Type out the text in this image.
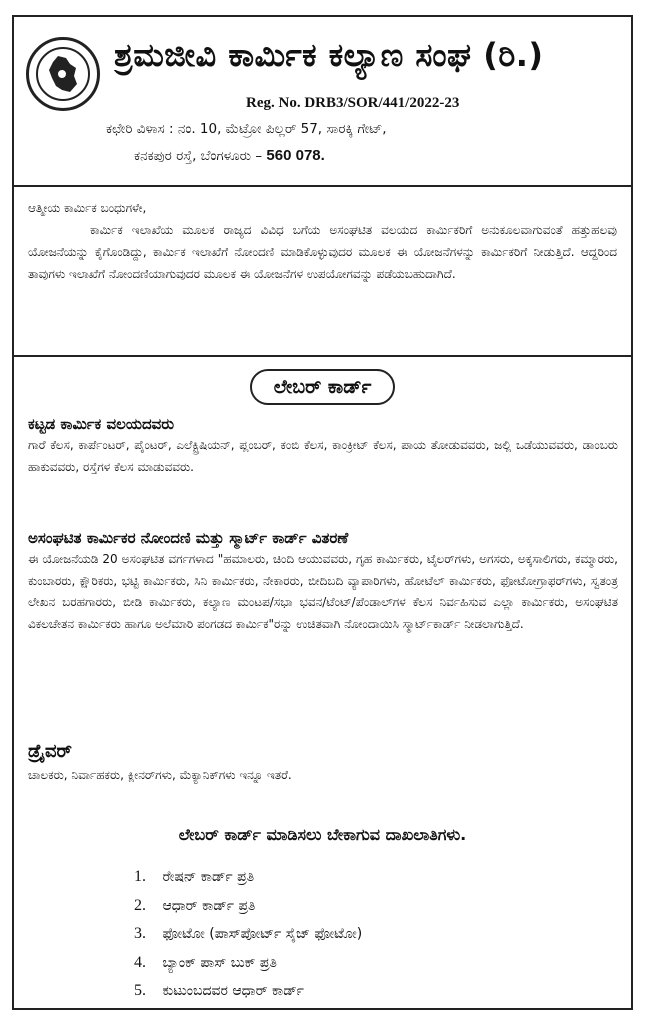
ಶ್ರಮಜೀವಿ ಕಾರ್ಮಿಕ ಕಲ್ಯಾಣ ಸಂಘ (ರಿ.)
Reg. No. DRB3/SOR/441/2022-23
ಕಛೇರಿ ವಿಳಾಸ : ನಂ. 10, ಮೆಟ್ರೋ ಪಿಲ್ಲರ್ 57, ಸಾರಕ್ಕಿ ಗೇಟ್,
ಕನಕಪುರ ರಸ್ತೆ, ಬೆಂಗಳೂರು – 560 078.
ಆತ್ಮೀಯ ಕಾರ್ಮಿಕ ಬಂಧುಗಳೇ,

ಕಾರ್ಮಿಕ ಇಲಾಖೆಯ ಮೂಲಕ ರಾಜ್ಯದ ವಿವಿಧ ಬಗೆಯ ಅಸಂಘಟಿತ ವಲಯದ ಕಾರ್ಮಿಕರಿಗೆ ಅನುಕೂಲವಾಗುವಂತೆ ಹತ್ತುಹಲವು ಯೋಜನೆಯನ್ನು ಕೈಗೊಂಡಿದ್ದು, ಕಾರ್ಮಿಕ ಇಲಾಖೆಗೆ ನೋಂದಣಿ ಮಾಡಿಕೊಳ್ಳುವುದರ ಮೂಲಕ ಈ ಯೋಜನೆಗಳನ್ನು ಕಾರ್ಮಿಕರಿಗೆ ನೀಡುತ್ತಿದೆ. ಆದ್ದರಿಂದ ತಾವುಗಳು ಇಲಾಖೆಗೆ ನೋಂದಣಿಯಾಗುವುದರ ಮೂಲಕ ಈ ಯೋಜನೆಗಳ ಉಪಯೋಗವನ್ನು ಪಡೆಯಬಹುದಾಗಿದೆ.

ಲೇಬರ್ ಕಾರ್ಡ್
ಕಟ್ಟಡ ಕಾರ್ಮಿಕ ವಲಯದವರು

ಗಾರೆ ಕೆಲಸ, ಕಾರ್ಪೆಂಟರ್, ಪೈಂಟರ್, ಎಲೆಕ್ಟ್ರಿಷಿಯನ್, ಪ್ಲಂಬರ್, ಕಂಬಿ ಕೆಲಸ, ಕಾಂಕ್ರೀಟ್ ಕೆಲಸ, ಪಾಯ ತೋಡುವವರು, ಜಲ್ಲಿ ಒಡೆಯುವವರು, ಡಾಂಬರು ಹಾಕುವವರು, ರಸ್ತೆಗಳ ಕೆಲಸ ಮಾಡುವವರು.

ಅಸಂಘಟಿತ ಕಾರ್ಮಿಕರ ನೋಂದಣಿ ಮತ್ತು ಸ್ಮಾರ್ಟ್ ಕಾರ್ಡ್ ವಿತರಣೆ

ಈ ಯೋಜನೆಯಡಿ 20 ಅಸಂಘಟಿತ ವರ್ಗಗಳಾದ "ಹಮಾಲರು, ಚಿಂದಿ ಆಯುವವರು, ಗೃಹ ಕಾರ್ಮಿಕರು, ಟೈಲರ್‌ಗಳು, ಅಗಸರು, ಅಕ್ಕಸಾಲಿಗರು, ಕಮ್ಮಾರರು, ಕುಂಬಾರರು, ಕ್ಷೌರಿಕರು, ಭಟ್ಟಿ ಕಾರ್ಮಿಕರು, ಸಿನಿ ಕಾರ್ಮಿಕರು, ನೇಕಾರರು, ಬೀದಿಬದಿ ವ್ಯಾಪಾರಿಗಳು, ಹೋಟೆಲ್ ಕಾರ್ಮಿಕರು, ಫೋಟೋಗ್ರಾಫರ್‌ಗಳು, ಸ್ವತಂತ್ರ ಲೇಖನ ಬರಹಗಾರರು, ಬೀಡಿ ಕಾರ್ಮಿಕರು, ಕಲ್ಯಾಣ ಮಂಟಪ/ಸಭಾ ಭವನ/ಟೆಂಟ್/ಪೆಂಡಾಲ್‌ಗಳ ಕೆಲಸ ನಿರ್ವಹಿಸುವ ಎಲ್ಲಾ ಕಾರ್ಮಿಕರು, ಅಸಂಘಟಿತ ವಿಕಲಚೇತನ ಕಾರ್ಮಿಕರು ಹಾಗೂ ಅಲೆಮಾರಿ ಪಂಗಡದ ಕಾರ್ಮಿಕ"ರನ್ನು ಉಚಿತವಾಗಿ ನೋಂದಾಯಿಸಿ ಸ್ಮಾರ್ಟ್‌ಕಾರ್ಡ್ ನೀಡಲಾಗುತ್ತಿದೆ.

ಡ್ರೈವರ್

ಚಾಲಕರು, ನಿರ್ವಾಹಕರು, ಕ್ಲೀನರ್‌ಗಳು, ಮೆಕ್ಯಾನಿಕ್‌ಗಳು ಇನ್ನೂ ಇತರೆ.

ಲೇಬರ್ ಕಾರ್ಡ್ ಮಾಡಿಸಲು ಬೇಕಾಗುವ ದಾಖಲಾತಿಗಳು.
1. ರೇಷನ್ ಕಾರ್ಡ್ ಪ್ರತಿ
2. ಆಧಾರ್ ಕಾರ್ಡ್ ಪ್ರತಿ
3. ಫೋಟೋ (ಪಾಸ್‌ಪೋರ್ಟ್ ಸೈಜ್ ಫೋಟೋ)
4. ಬ್ಯಾಂಕ್ ಪಾಸ್ ಬುಕ್ ಪ್ರತಿ
5. ಕುಟುಂಬದವರ ಆಧಾರ್ ಕಾರ್ಡ್
